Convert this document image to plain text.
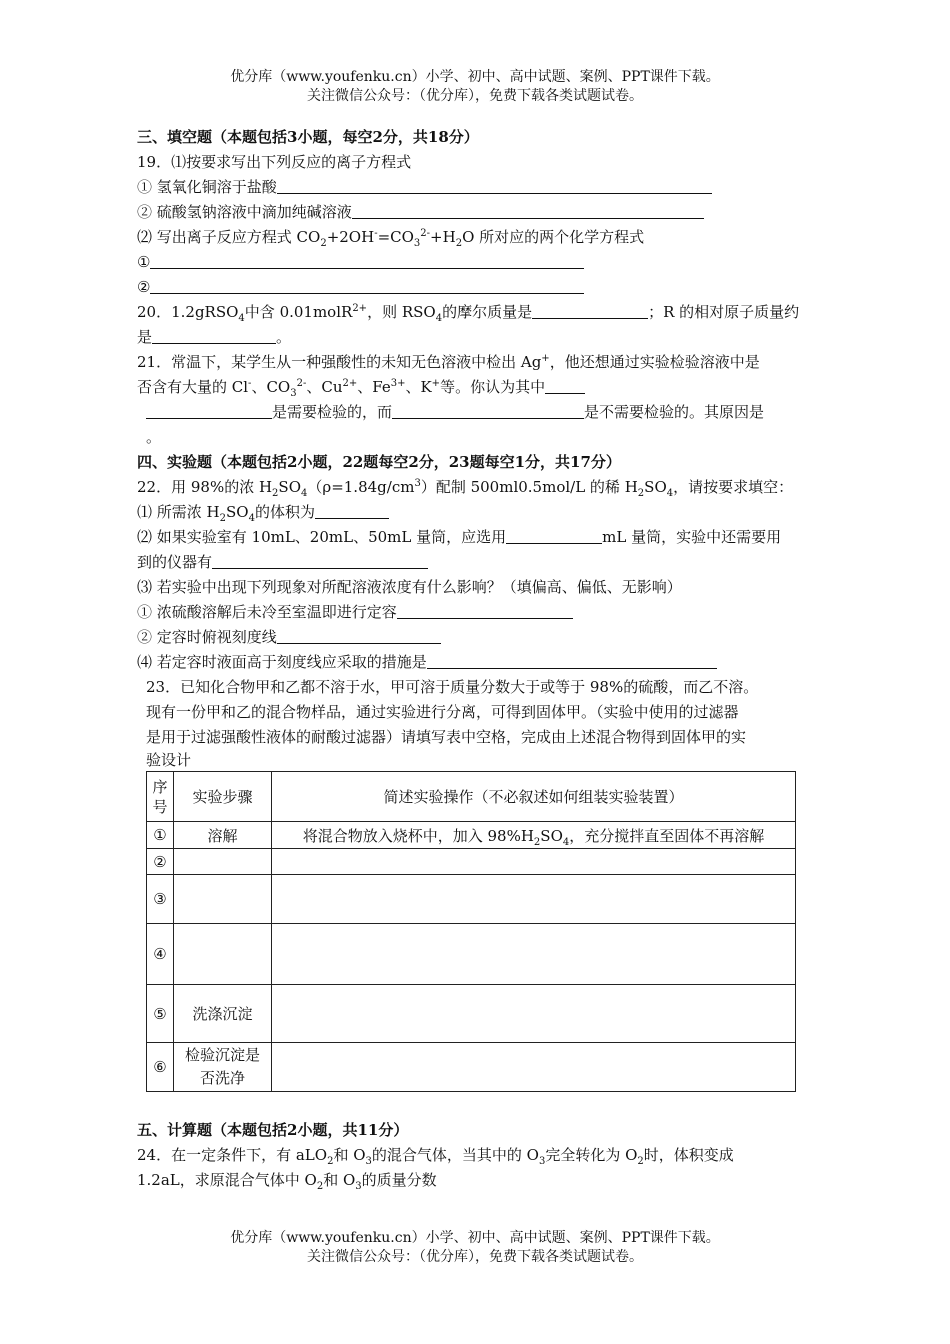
优分库（www.youfenku.cn）小学、初中、高中试题、案例、PPT课件下载。
关注微信公众号：（优分库），免费下载各类试题试卷。
三、填空题（本题包括3小题，每空2分，共18分）
19．⑴按要求写出下列反应的离子方程式
① 氢氧化铜溶于盐酸
② 硫酸氢钠溶液中滴加纯碱溶液
⑵ 写出离子反应方程式 $CO_2+2OH^-=CO_3^{2-}+H_2O$ 所对应的两个化学方程式
①
②
20．1.2gRSO$_4$中含 0.01molR$^{2+}$，则 $RSO_4$的摩尔质量是	；R 的相对原子质量约
是	。
21．常温下，某学生从一种强酸性的未知无色溶液中检出 Ag+，他还想通过实验检验溶液中是
否含有大量的 Cl-、$CO_3^{2-}$、$Cu^{2+}$、$Fe^{3+}$、K+等。你认为其中
是需要检验的，而	是不需要检验的。其原因是
。
四、实验题（本题包括2小题，22题每空2分，23题每空1分，共17分）
22．用 98%的浓 $H_2SO_4(\rho=1.84g/cm^3)$配制 500ml0.5mol/L 的稀 $H_2SO_4$，请按要求填空：
⑴ 所需浓 $H_2SO_4$的体积为
⑵ 如果实验室有 10mL、20mL、50mL 量筒，应选用	mL 量筒，实验中还需要用
到的仪器有
⑶ 若实验中出现下列现象对所配溶液浓度有什么影响？（填偏高、偏低、无影响）
① 浓硫酸溶解后未冷至室温即进行定容
② 定容时俯视刻度线
⑷ 若定容时液面高于刻度线应采取的措施是
23．已知化合物甲和乙都不溶于水，甲可溶于质量分数大于或等于 98%的硫酸，而乙不溶。
现有一份甲和乙的混合物样品，通过实验进行分离，可得到固体甲。（实验中使用的过滤器
是用于过滤强酸性液体的耐酸过滤器）请填写表中空格，完成由上述混合物得到固体甲的实
验设计
序
号	实验步骤	简述实验操作（不必叙述如何组装实验装置）
①	溶解	将混合物放入烧杯中，加入 $98\%H_2SO_4$，充分搅拌直至固体不再溶解
②		
③		
④		
⑤	洗涤沉淀	
⑥	检验沉淀是
否洗净	
五、计算题（本题包括2小题，共11分）
24．在一定条件下，有 aLO$_2$和 $O_3$的混合气体，当其中的 $O_3$完全转化为 $O_2$时，体积变成
1.2aL，求原混合气体中 $O_2$和 $O_3$的质量分数
优分库（www.youfenku.cn）小学、初中、高中试题、案例、PPT课件下载。
关注微信公众号：（优分库），免费下载各类试题试卷。
